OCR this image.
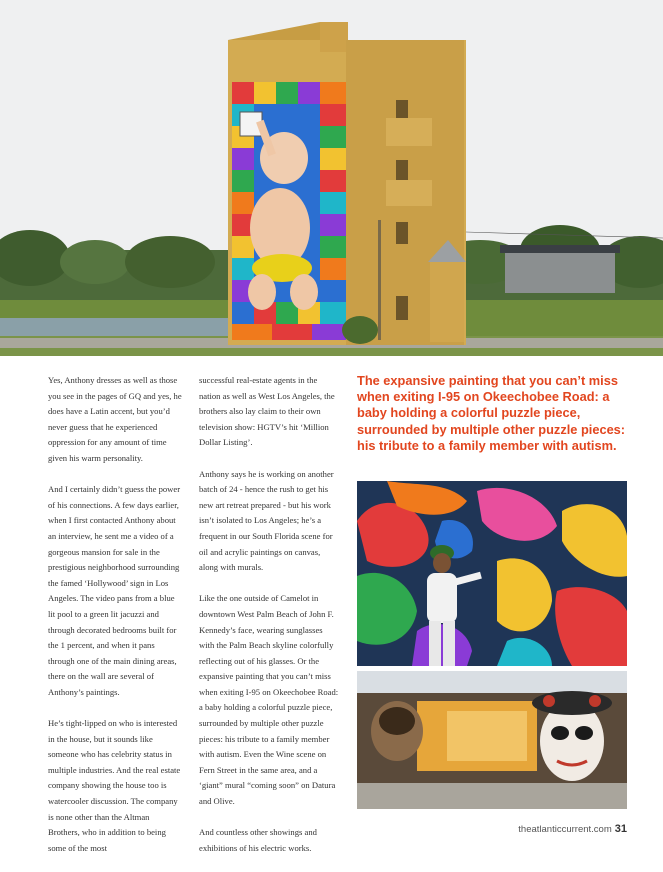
Yes, Anthony dresses as well as those you see in the pages of GQ and yes, he does have a Latin accent, but you’d never guess that he experienced oppression for any amount of time given his warm personality.

And I certainly didn’t guess the power of his connections. A few days earlier, when I first contacted Anthony about an interview, he sent me a video of a gorgeous mansion for sale in the prestigious neighborhood surrounding the famed ‘Hollywood’ sign in Los Angeles. The video pans from a blue lit pool to a green lit jacuzzi and through decorated bedrooms built for the 1 percent, and when it pans through one of the main dining areas, there on the wall are several of Anthony’s paintings.

He’s tight-lipped on who is interested in the house, but it sounds like someone who has celebrity status in multiple industries. And the real estate company showing the house too is watercooler discussion. The company is none other than the Altman Brothers, who in addition to being some of the most

successful real-estate agents in the nation as well as West Los Angeles, the brothers also lay claim to their own television show: HGTV’s hit ‘Million Dollar Listing’.

Anthony says he is working on another batch of 24 - hence the rush to get his new art retreat prepared - but his work isn’t isolated to Los Angeles; he’s a frequent in our South Florida scene for oil and acrylic paintings on canvas, along with murals.

Like the one outside of Camelot in downtown West Palm Beach of John F. Kennedy’s face, wearing sunglasses with the Palm Beach skyline colorfully reflecting out of his glasses. Or the expansive painting that you can’t miss when exiting I-95 on Okeechobee Road: a baby holding a colorful puzzle piece, surrounded by multiple other puzzle pieces: his tribute to a family member with autism. Even the Wine scene on Fern Street in the same area, and a ‘giant” mural “coming soon” on Datura and Olive.

And countless other showings and exhibitions of his electric works.

The expansive painting that you can’t miss when exiting I-95 on Okeechobee Road: a baby holding a colorful puzzle piece, surrounded by multiple other puzzle pieces: his tribute to a family member with autism.

theatlanticcurrent.com 31
